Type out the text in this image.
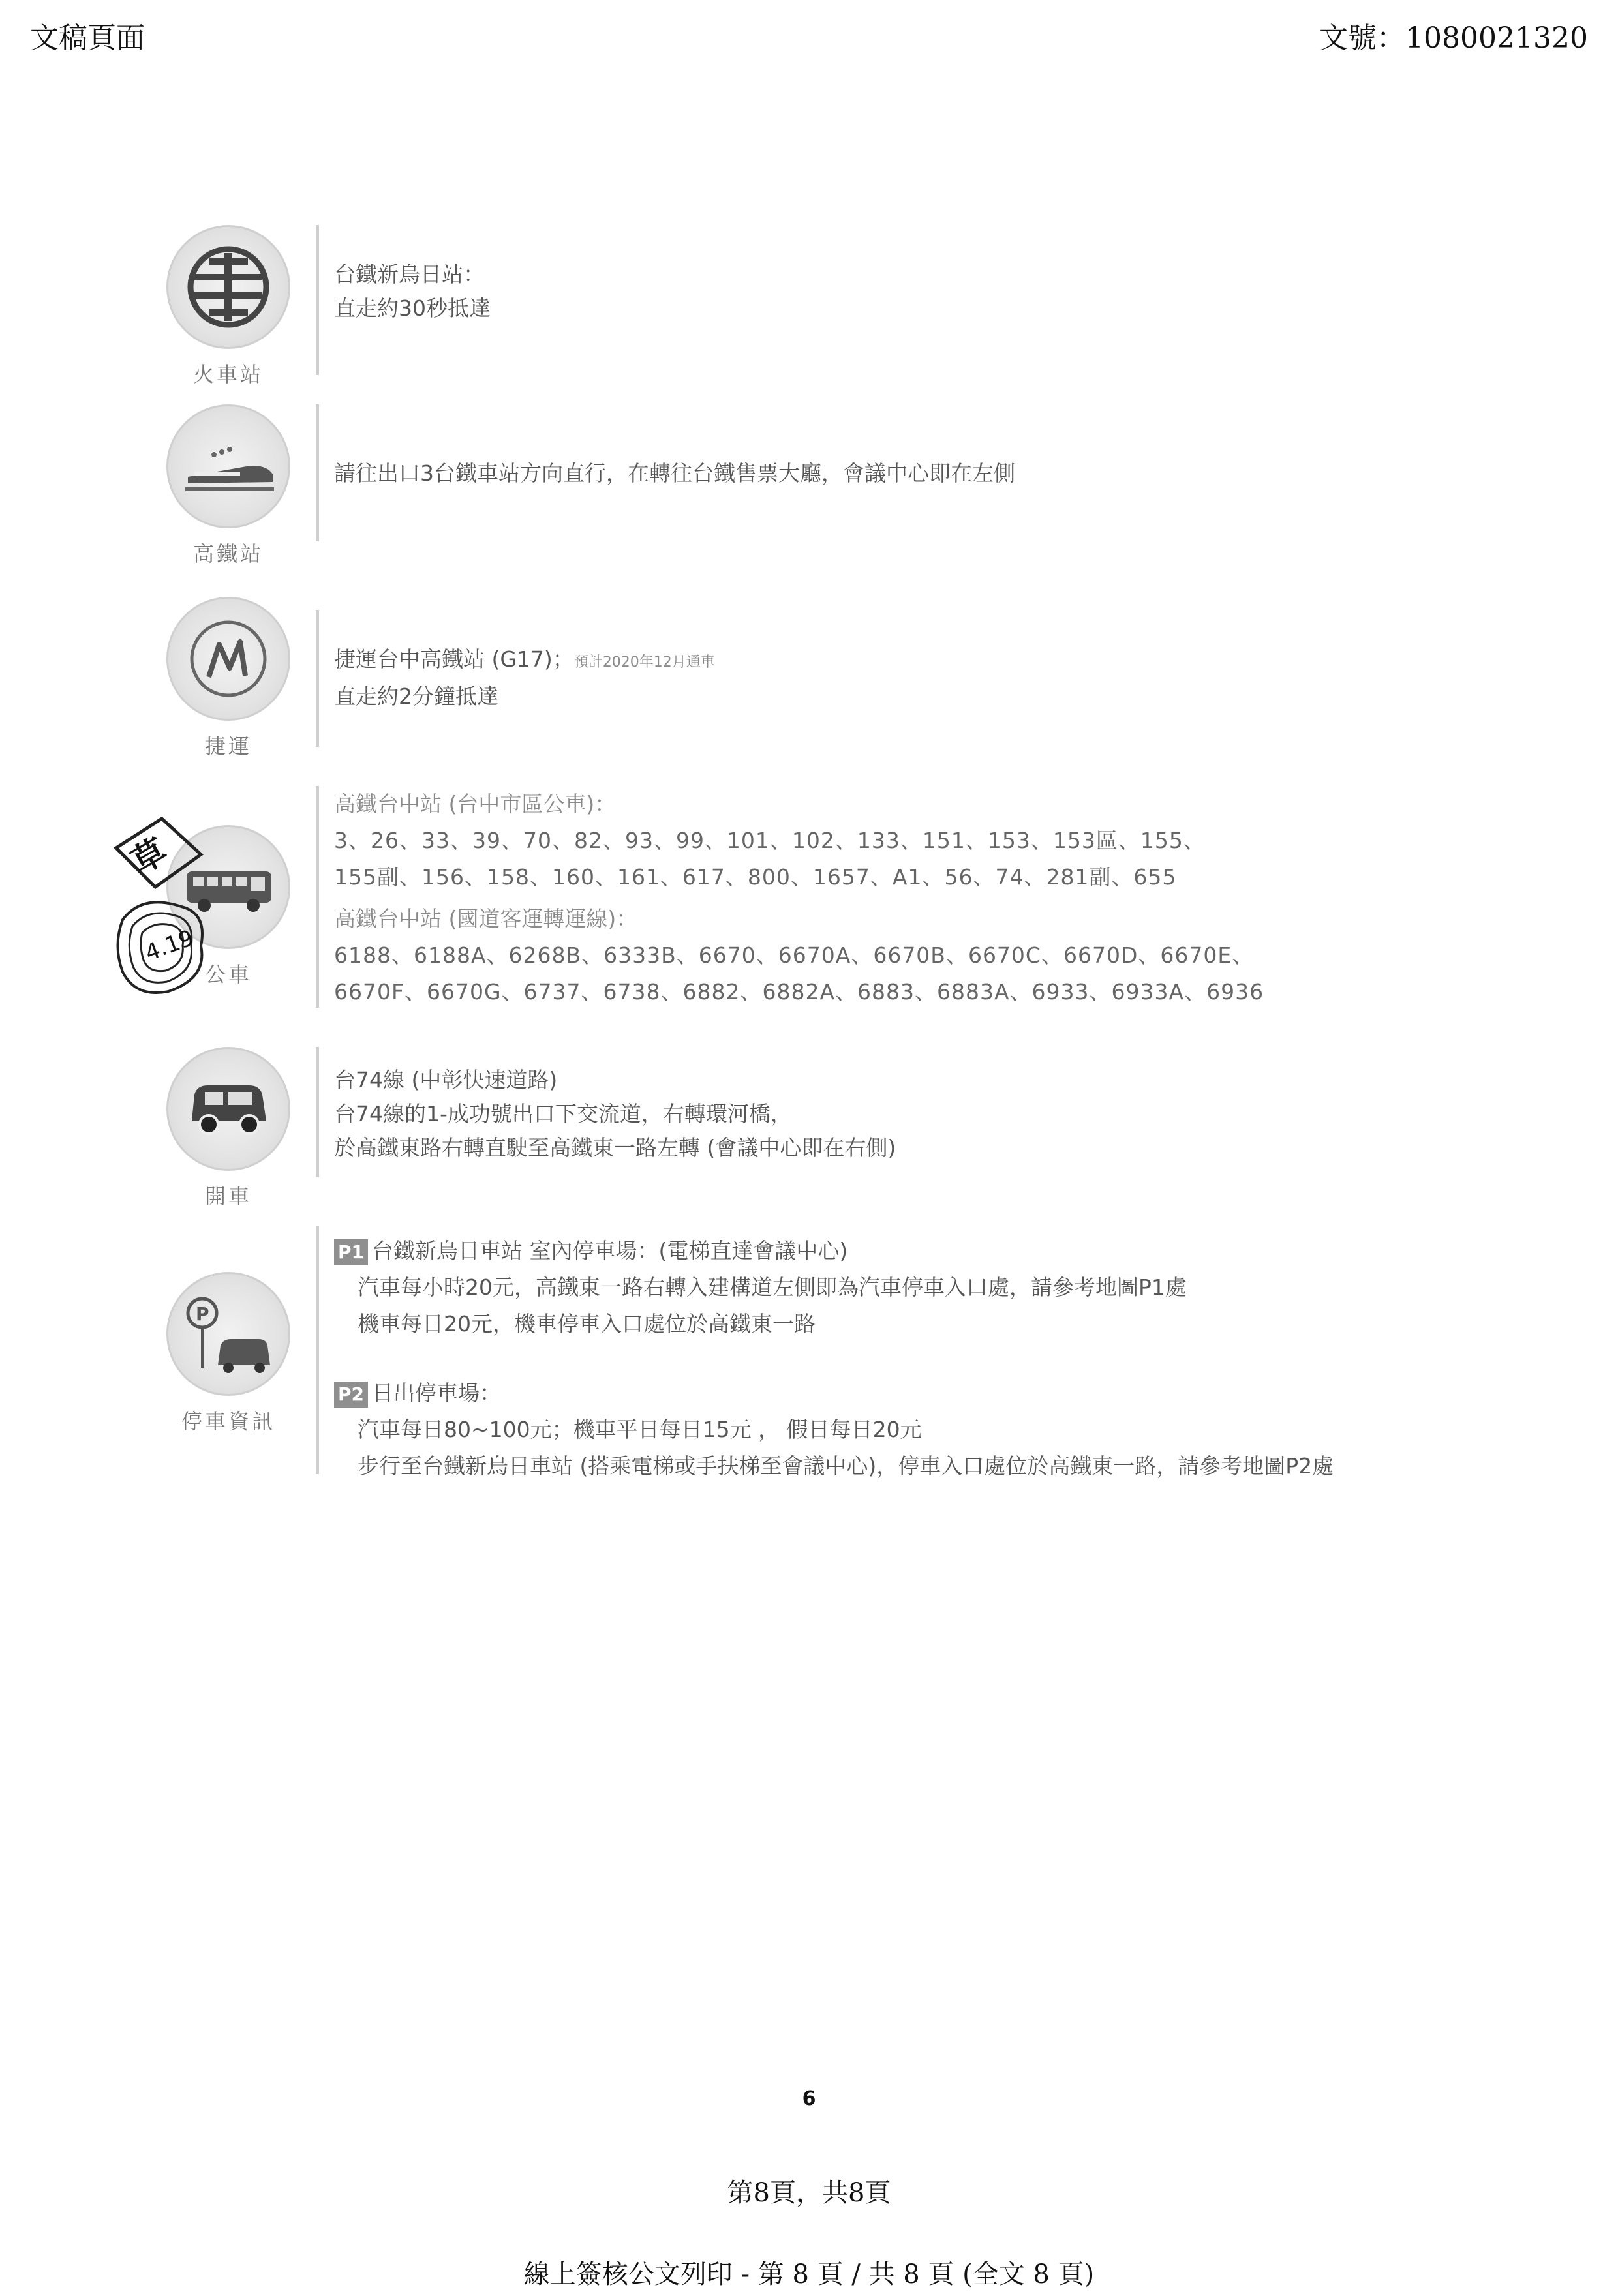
文稿頁面	文號：1080021320
火車站
台鐵新烏日站：
直走約30秒抵達
高鐵站
請往出口3台鐵車站方向直行，在轉往台鐵售票大廳，會議中心即在左側
捷運
捷運台中高鐵站 (G17)；預計2020年12月通車
直走約2分鐘抵達
公車
高鐵台中站 (台中市區公車)：
3、26、33、39、70、82、93、99、101、102、133、151、153、153區、155、
155副、156、158、160、161、617、800、1657、A1、56、74、281副、655
高鐵台中站 (國道客運轉運線)：
6188、6188A、6268B、6333B、6670、6670A、6670B、6670C、6670D、6670E、
6670F、6670G、6737、6738、6882、6882A、6883、6883A、6933、6933A、6936
草
4.19
開車
台74線 (中彰快速道路)
台74線的1-成功號出口下交流道，右轉環河橋，
於高鐵東路右轉直駛至高鐵東一路左轉 (會議中心即在右側)
P
停車資訊
P1 台鐵新烏日車站 室內停車場：(電梯直達會議中心)
汽車每小時20元，高鐵東一路右轉入建構道左側即為汽車停車入口處，請參考地圖P1處
機車每日20元，機車停車入口處位於高鐵東一路
P2 日出停車場：
汽車每日80~100元；機車平日每日15元 ， 假日每日20元
步行至台鐵新烏日車站 (搭乘電梯或手扶梯至會議中心)，停車入口處位於高鐵東一路，請參考地圖P2處
6
第8頁，共8頁
線上簽核公文列印 - 第 8 頁 / 共 8 頁 (全文 8 頁)
